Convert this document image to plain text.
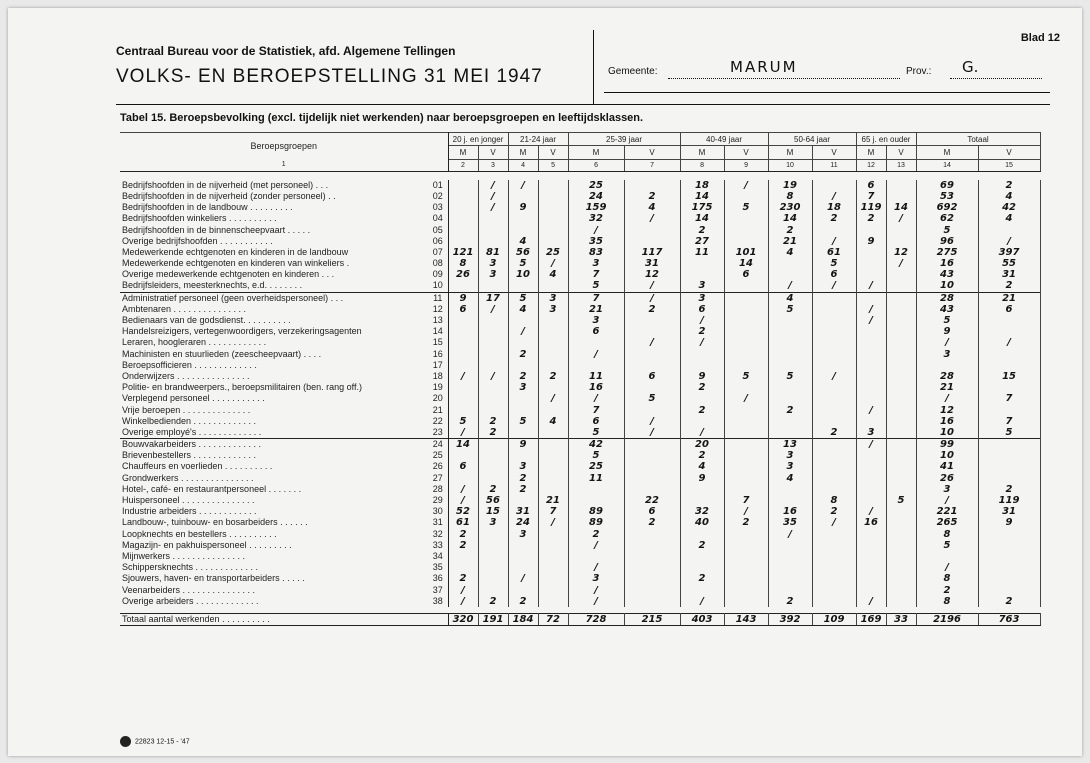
Centraal Bureau voor de Statistiek, afd. Algemene Tellingen
VOLKS- EN BEROEPSTELLING 31 MEI 1947
Blad 12
Gemeente:	MARUM	Prov.: G.
Tabel 15. Beroepsbevolking (excl. tijdelijk niet werkenden) naar beroepsgroepen en leeftijdsklassen.
Beroepsgroepen		20 j. en jonger		21-24 jaar		25-39 jaar		40-49 jaar		50-64 jaar		65 j. en ouder		Totaal	
		M	V	M	V	M	V	M	V	M	V	M	V	M	V
1		2	3	4	5	6	7	8	9	10	11	12	13	14	15

Bedrijfshoofden in de nijverheid (met personeel) . . .	01		/	/		25		18	/	19		6		69	2
Bedrijfshoofden in de nijverheid (zonder personeel) . .	02		/			24	2	14		8	/	7		53	4
Bedrijfshoofden in de landbouw . . . . . . . . .	03		/	9		159	4	175	5	230	18	119	14	692	42
Bedrijfshoofden winkeliers . . . . . . . . . .	04					32	/	14		14	2	2	/	62	4
Bedrijfshoofden in de binnenscheepvaart . . . . .	05					/		2		2				5	
Overige bedrijfshoofden . . . . . . . . . . .	06			4		35		27		21	/	9		96	/
Medewerkende echtgenoten en kinderen in de landbouw	07	121	81	56	25	83	117	11	101	4	61		12	275	397
Medewerkende echtgenoten en kinderen van winkeliers .	08	8	3	5	/	3	31		14		5		/	16	55
Overige medewerkende echtgenoten en kinderen . . .	09	26	3	10	4	7	12		6		6			43	31
Bedrijfsleiders, meesterknechts, e.d. . . . . . . .	10					5	/	3		/	/	/		10	2
Administratief personeel (geen overheidspersoneel) . . .	11	9	17	5	3	7	/	3		4				28	21
Ambtenaren . . . . . . . . . . . . . . .	12	6	/	4	3	21	2	6		5		/		43	6
Bedienaars van de godsdienst. . . . . . . . . .	13					3		/				/		5	
Handelsreizigers, vertegenwoordigers, verzekeringsagenten	14			/		6		2						9	
Leraren, hoogleraren . . . . . . . . . . . .	15						/	/						/	/
Machinisten en stuurlieden (zeescheepvaart) . . . .	16			2		/								3	
Beroepsofficieren . . . . . . . . . . . . .	17														
Onderwijzers . . . . . . . . . . . . . . .	18	/	/	2	2	11	6	9	5	5	/			28	15
Politie- en brandweerpers., beroepsmilitairen (ben. rang off.)	19			3		16		2						21	
Verplegend personeel . . . . . . . . . . .	20				/	/	5		/					/	7
Vrije beroepen . . . . . . . . . . . . . .	21					7		2		2		/		12	
Winkelbedienden . . . . . . . . . . . . .	22	5	2	5	4	6	/							16	7
Overige employé's . . . . . . . . . . . . .	23	/	2			5	/	/			2	3		10	5
Bouwvakarbeiders . . . . . . . . . . . . .	24	14		9		42		20		13		/		99	
Brievenbestellers . . . . . . . . . . . . .	25					5		2		3				10	
Chauffeurs en voerlieden . . . . . . . . . .	26	6		3		25		4		3				41	
Grondwerkers . . . . . . . . . . . . . . .	27			2		11		9		4				26	
Hotel-, café- en restaurantpersoneel . . . . . . .	28	/	2	2										3	2
Huispersoneel . . . . . . . . . . . . . . .	29	/	56		21		22		7		8		5	/	119
Industrie arbeiders . . . . . . . . . . . .	30	52	15	31	7	89	6	32	/	16	2	/		221	31
Landbouw-, tuinbouw- en bosarbeiders . . . . . .	31	61	3	24	/	89	2	40	2	35	/	16		265	9
Loopknechts en bestellers . . . . . . . . . .	32	2		3		2				/				8	
Magazijn- en pakhuispersoneel . . . . . . . . .	33	2				/		2						5	
Mijnwerkers . . . . . . . . . . . . . . .	34														
Schippersknechts . . . . . . . . . . . . .	35					/								/	
Sjouwers, haven- en transportarbeiders . . . . .	36	2		/		3		2						8	
Veenarbeiders . . . . . . . . . . . . . . .	37	/				/								2	
Overige arbeiders . . . . . . . . . . . . .	38	/	2	2		/		/		2		/		8	2

Totaal aantal werkenden . . . . . . . . . .		320	191	184	72	728	215	403	143	392	109	169	33	2196	763
22823 12-15 - '47
